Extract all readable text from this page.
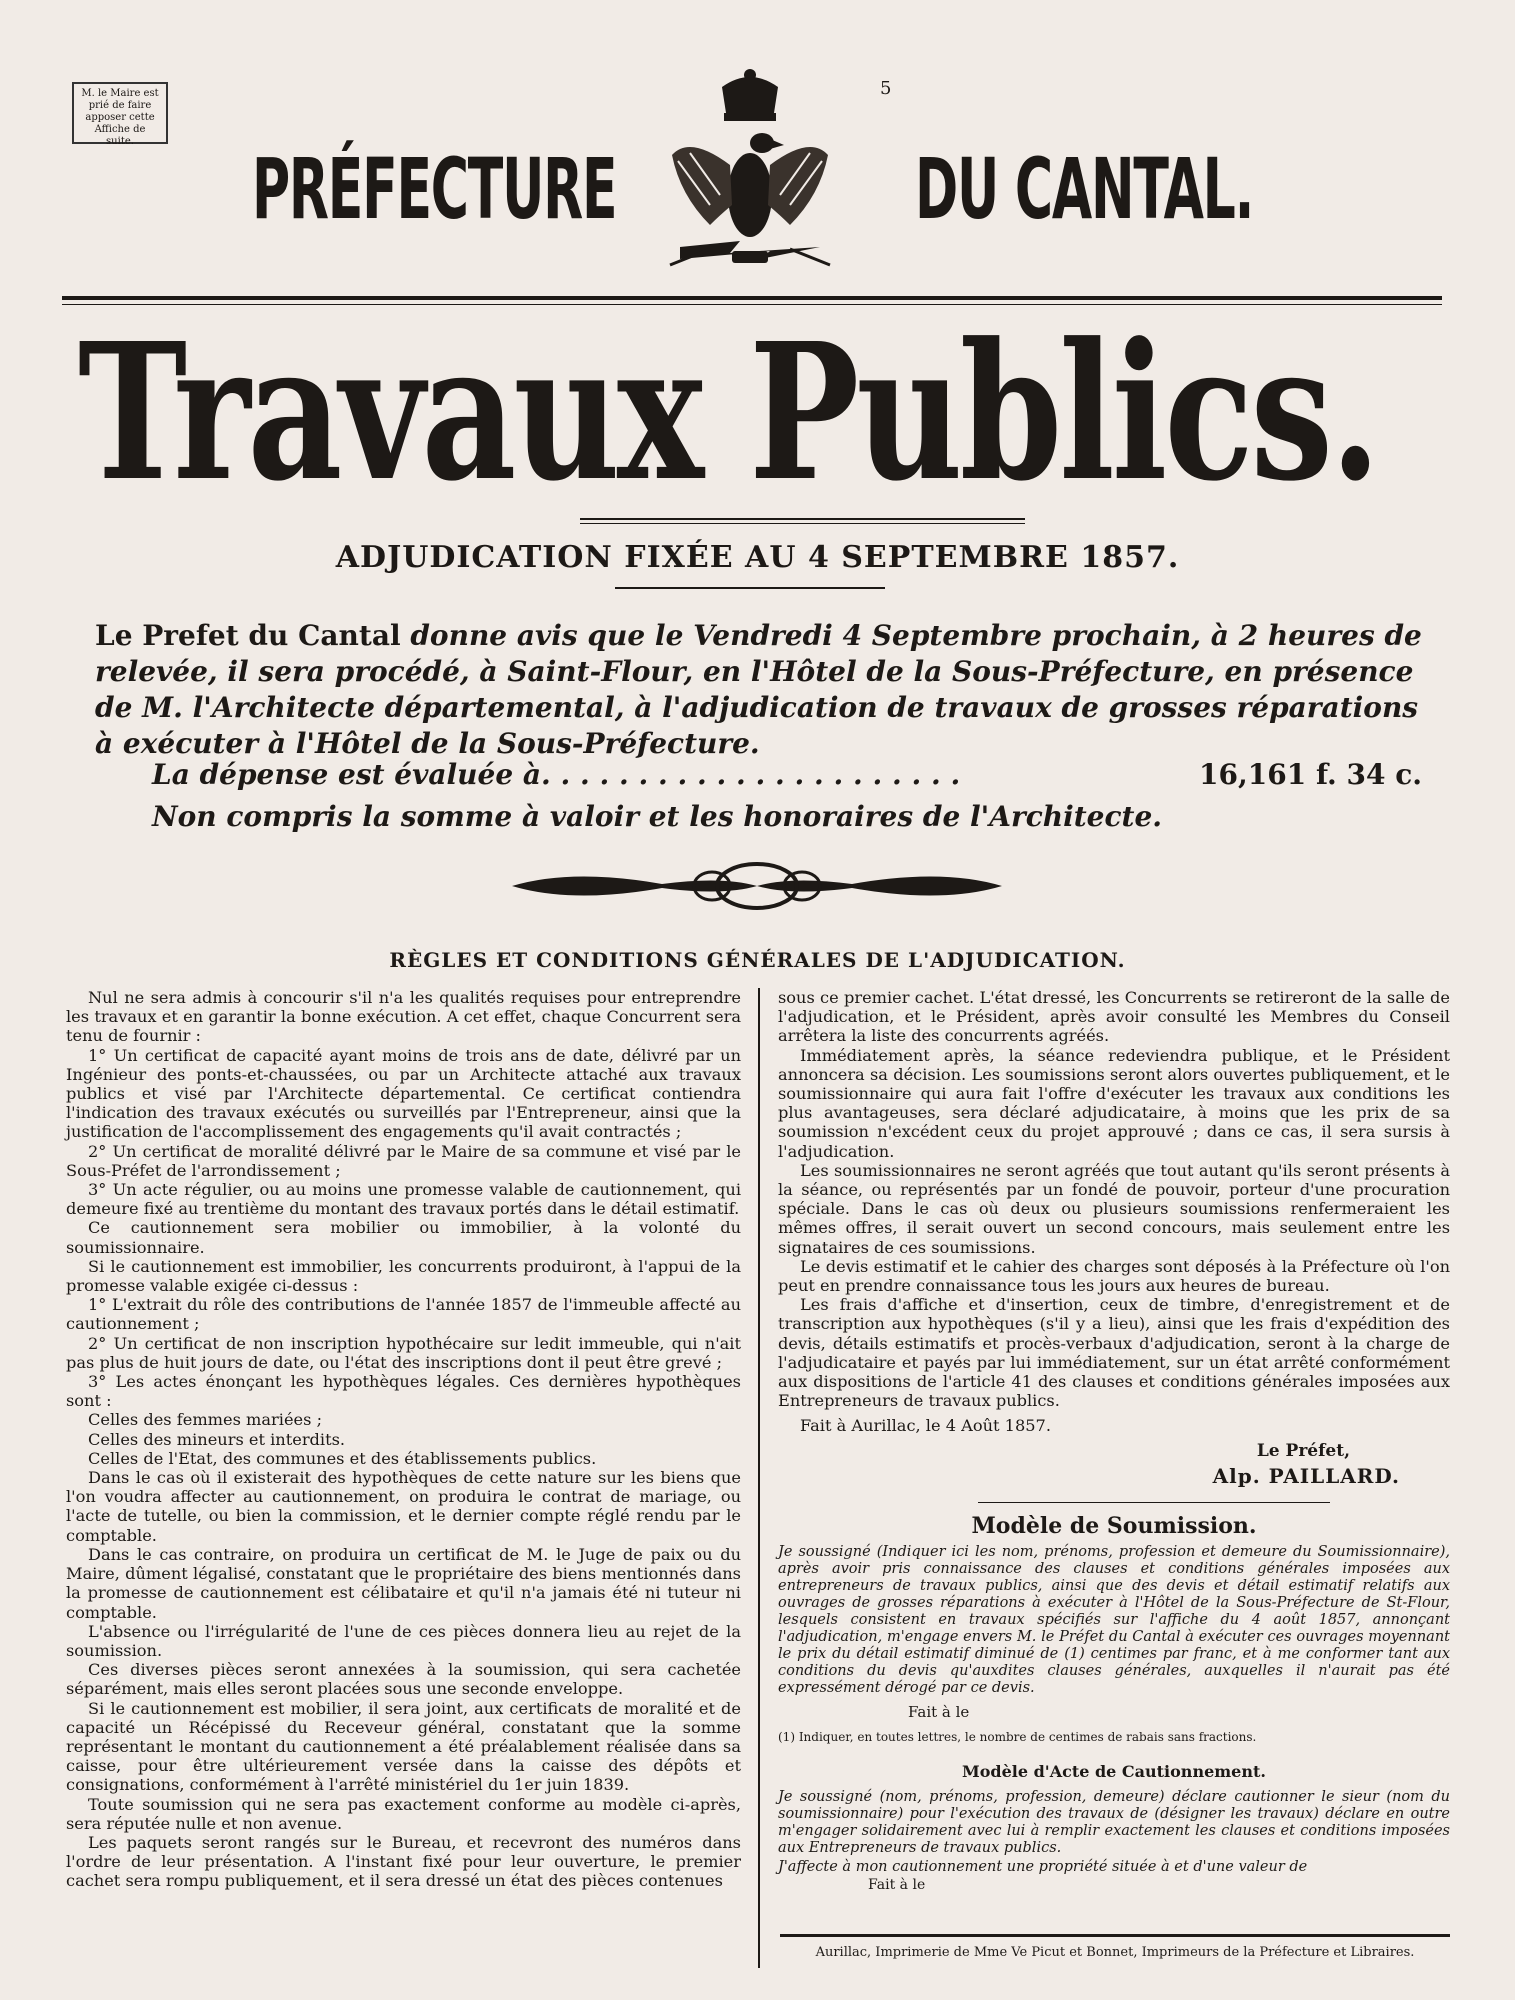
M. le Maire est prié de faire apposer cette Affiche de suite.	PRÉFECTURE	DU CANTAL.
5
Travaux Publics.
ADJUDICATION FIXÉE AU 4 SEPTEMBRE 1857.
Le Prefet du Cantal donne avis que le Vendredi 4 Septembre prochain, à 2 heures de relevée, il sera procédé, à Saint-Flour, en l'Hôtel de la Sous-Préfecture, en présence de M. l'Architecte départemental, à l'adjudication de travaux de grosses réparations à exécuter à l'Hôtel de la Sous-Préfecture.
La dépense est évaluée à. . . . . . . . . . . . . . . . . . . . . .	16,161 f. 34 c.
Non compris la somme à valoir et les honoraires de l'Architecte.
RÈGLES ET CONDITIONS GÉNÉRALES DE L'ADJUDICATION.

Nul ne sera admis à concourir s'il n'a les qualités requises pour entreprendre les travaux et en garantir la bonne exécution. A cet effet, chaque Concurrent sera tenu de fournir :

1° Un certificat de capacité ayant moins de trois ans de date, délivré par un Ingénieur des ponts-et-chaussées, ou par un Architecte attaché aux travaux publics et visé par l'Architecte départemental. Ce certificat contiendra l'indication des travaux exécutés ou surveillés par l'Entrepreneur, ainsi que la justification de l'accomplissement des engagements qu'il avait contractés ;

2° Un certificat de moralité délivré par le Maire de sa commune et visé par le Sous-Préfet de l'arrondissement ;

3° Un acte régulier, ou au moins une promesse valable de cautionnement, qui demeure fixé au trentième du montant des travaux portés dans le détail estimatif.

Ce cautionnement sera mobilier ou immobilier, à la volonté du soumissionnaire.

Si le cautionnement est immobilier, les concurrents produiront, à l'appui de la promesse valable exigée ci-dessus :

1° L'extrait du rôle des contributions de l'année 1857 de l'immeuble affecté au cautionnement ;

2° Un certificat de non inscription hypothécaire sur ledit immeuble, qui n'ait pas plus de huit jours de date, ou l'état des inscriptions dont il peut être grevé ;

3° Les actes énonçant les hypothèques légales. Ces dernières hypothèques sont :

Celles des femmes mariées ;

Celles des mineurs et interdits.

Celles de l'Etat, des communes et des établissements publics.

Dans le cas où il existerait des hypothèques de cette nature sur les biens que l'on voudra affecter au cautionnement, on produira le contrat de mariage, ou l'acte de tutelle, ou bien la commission, et le dernier compte réglé rendu par le comptable.

Dans le cas contraire, on produira un certificat de M. le Juge de paix ou du Maire, dûment légalisé, constatant que le propriétaire des biens mentionnés dans la promesse de cautionnement est célibataire et qu'il n'a jamais été ni tuteur ni comptable.

L'absence ou l'irrégularité de l'une de ces pièces donnera lieu au rejet de la soumission.

Ces diverses pièces seront annexées à la soumission, qui sera cachetée séparément, mais elles seront placées sous une seconde enveloppe.

Si le cautionnement est mobilier, il sera joint, aux certificats de moralité et de capacité un Récépissé du Receveur général, constatant que la somme représentant le montant du cautionnement a été préalablement réalisée dans sa caisse, pour être ultérieurement versée dans la caisse des dépôts et consignations, conformément à l'arrêté ministériel du 1er juin 1839.

Toute soumission qui ne sera pas exactement conforme au modèle ci-après, sera réputée nulle et non avenue.

Les paquets seront rangés sur le Bureau, et recevront des numéros dans l'ordre de leur présentation. A l'instant fixé pour leur ouverture, le premier cachet sera rompu publiquement, et il sera dressé un état des pièces contenues

sous ce premier cachet. L'état dressé, les Concurrents se retireront de la salle de l'adjudication, et le Président, après avoir consulté les Membres du Conseil arrêtera la liste des concurrents agréés.

Immédiatement après, la séance redeviendra publique, et le Président annoncera sa décision. Les soumissions seront alors ouvertes publiquement, et le soumissionnaire qui aura fait l'offre d'exécuter les travaux aux conditions les plus avantageuses, sera déclaré adjudicataire, à moins que les prix de sa soumission n'excédent ceux du projet approuvé ; dans ce cas, il sera sursis à l'adjudication.

Les soumissionnaires ne seront agréés que tout autant qu'ils seront présents à la séance, ou représentés par un fondé de pouvoir, porteur d'une procuration spéciale. Dans le cas où deux ou plusieurs soumissions renfermeraient les mêmes offres, il serait ouvert un second concours, mais seulement entre les signataires de ces soumissions.

Le devis estimatif et le cahier des charges sont déposés à la Préfecture où l'on peut en prendre connaissance tous les jours aux heures de bureau.

Les frais d'affiche et d'insertion, ceux de timbre, d'enregistrement et de transcription aux hypothèques (s'il y a lieu), ainsi que les frais d'expédition des devis, détails estimatifs et procès-verbaux d'adjudication, seront à la charge de l'adjudicataire et payés par lui immédiatement, sur un état arrêté conformément aux dispositions de l'article 41 des clauses et conditions générales imposées aux Entrepreneurs de travaux publics.

Fait à Aurillac, le 4 Août 1857.

Le Préfet,
Alp. PAILLARD.
Modèle de Soumission.
Je soussigné (Indiquer ici les nom, prénoms, profession et demeure du Soumissionnaire), après avoir pris connaissance des clauses et conditions générales imposées aux entrepreneurs de travaux publics, ainsi que des devis et détail estimatif relatifs aux ouvrages de grosses réparations à exécuter à l'Hôtel de la Sous-Préfecture de St-Flour, lesquels consistent en travaux spécifiés sur l'affiche du 4 août 1857, annonçant l'adjudication, m'engage envers M. le Préfet du Cantal à exécuter ces ouvrages moyennant le prix du détail estimatif diminué de (1) centimes par franc, et à me conformer tant aux conditions du devis qu'auxdites clauses générales, auxquelles il n'aurait pas été expressément dérogé par ce devis.
Fait à le
(1) Indiquer, en toutes lettres, le nombre de centimes de rabais sans fractions.
Modèle d'Acte de Cautionnement.
Je soussigné (nom, prénoms, profession, demeure) déclare cautionner le sieur (nom du soumissionnaire) pour l'exécution des travaux de (désigner les travaux) déclare en outre m'engager solidairement avec lui à remplir exactement les clauses et conditions imposées aux Entrepreneurs de travaux publics.
J'affecte à mon cautionnement une propriété située à et d'une valeur de
Fait à le
Aurillac, Imprimerie de Mme Ve Picut et Bonnet, Imprimeurs de la Préfecture et Libraires.
